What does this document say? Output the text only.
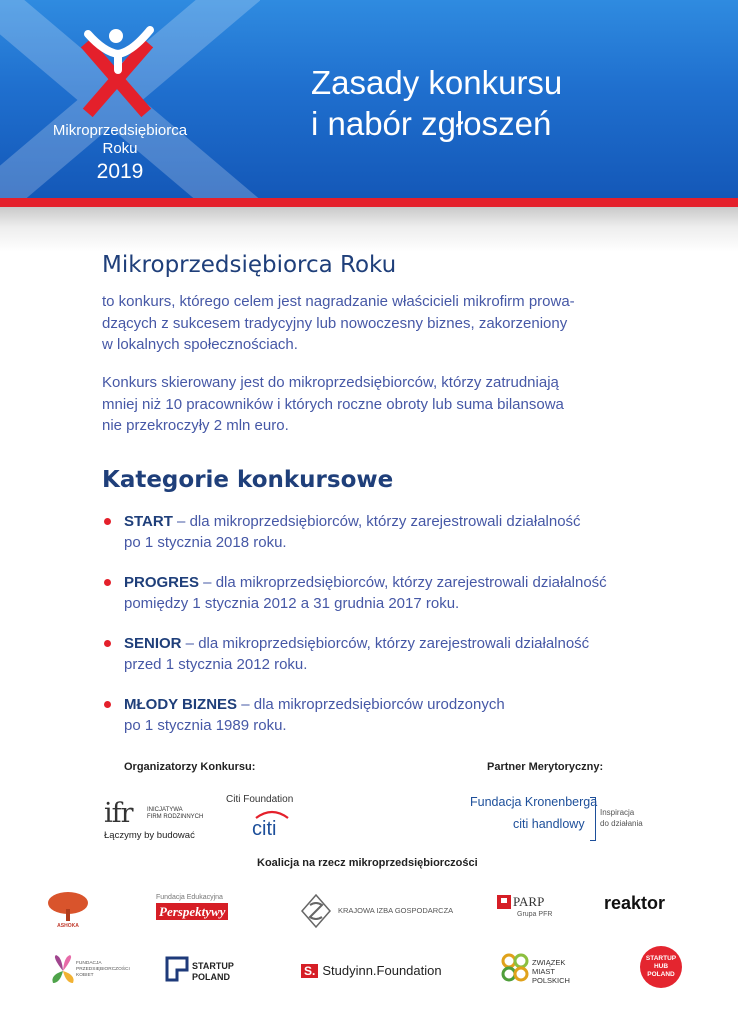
Mikroprzedsiębiorca
Roku
2019
Zasady konkursu
i nabór zgłoszeń
Mikroprzedsiębiorca Roku

to konkurs, którego celem jest nagradzanie właścicieli mikrofirm prowa-
dzących z sukcesem tradycyjny lub nowoczesny biznes, zakorzeniony
w lokalnych społecznościach.

Konkurs skierowany jest do mikroprzedsiębiorców, którzy zatrudniają
mniej niż 10 pracowników i których roczne obroty lub suma bilansowa
nie przekroczyły 2 mln euro.

Kategorie konkursowe
START – dla mikroprzedsiębiorców, którzy zarejestrowali działalność
po 1 stycznia 2018 roku.
PROGRES – dla mikroprzedsiębiorców, którzy zarejestrowali działalność
pomiędzy 1 stycznia 2012 a 31 grudnia 2017 roku.
SENIOR – dla mikroprzedsiębiorców, którzy zarejestrowali działalność
przed 1 stycznia 2012 roku.
MŁODY BIZNES – dla mikroprzedsiębiorców urodzonych
po 1 stycznia 1989 roku.
Organizatorzy Konkursu:	Partner Merytoryczny:
ifr	INICJATYWA
FIRM RODZINNYCH
Łączymy by budować
Citi Foundation
citi
Fundacja Kronenberga
citi handlowy
Inspiracja
do działania
Koalicja na rzecz mikroprzedsiębiorczości
ASHOKA
Fundacja Edukacyjna
Perspektywy	KRAJOWA IZBA GOSPODARCZA
PARP
Grupa PFR
reaktor
FUNDACJA
PRZEDSIĘBIORCZOŚCI
KOBIET
STARTUP
POLAND	S. Studyinn.Foundation
ZWIĄZEK
MIAST
POLSKICH
STARTUP
HUB
POLAND
